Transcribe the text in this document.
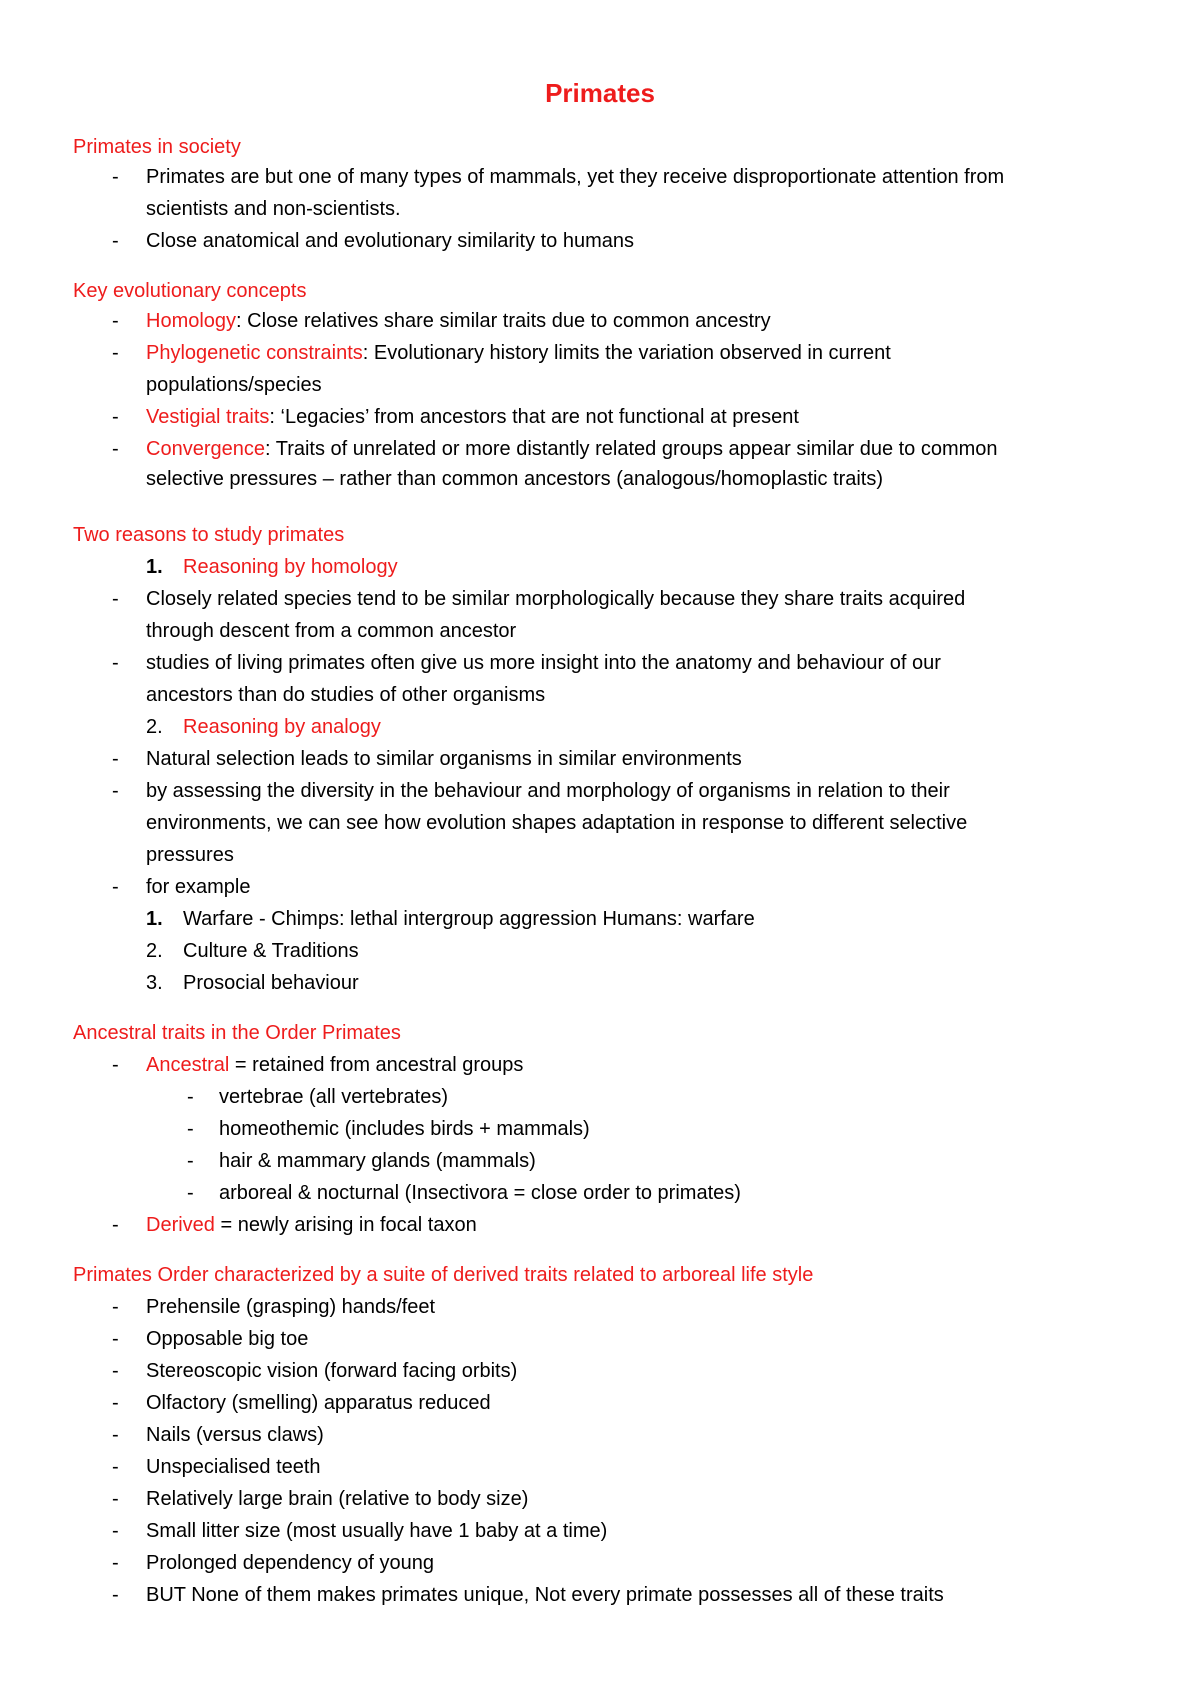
Primates
Primates in society
- Primates are but one of many types of mammals, yet they receive disproportionate attention from
scientists and non-scientists.
- Close anatomical and evolutionary similarity to humans
Key evolutionary concepts
- Homology: Close relatives share similar traits due to common ancestry
- Phylogenetic constraints: Evolutionary history limits the variation observed in current
populations/species
- Vestigial traits: ‘Legacies’ from ancestors that are not functional at present
- Convergence: Traits of unrelated or more distantly related groups appear similar due to common
selective pressures – rather than common ancestors (analogous/homoplastic traits)
Two reasons to study primates
1. Reasoning by homology
- Closely related species tend to be similar morphologically because they share traits acquired
through descent from a common ancestor
- studies of living primates often give us more insight into the anatomy and behaviour of our
ancestors than do studies of other organisms
2. Reasoning by analogy
- Natural selection leads to similar organisms in similar environments
- by assessing the diversity in the behaviour and morphology of organisms in relation to their
environments, we can see how evolution shapes adaptation in response to different selective
pressures
- for example
1. Warfare - Chimps: lethal intergroup aggression Humans: warfare
2. Culture & Traditions
3. Prosocial behaviour
Ancestral traits in the Order Primates
- Ancestral = retained from ancestral groups
- vertebrae (all vertebrates)
- homeothemic (includes birds + mammals)
- hair & mammary glands (mammals)
- arboreal & nocturnal (Insectivora = close order to primates)
- Derived = newly arising in focal taxon
Primates Order characterized by a suite of derived traits related to arboreal life style
- Prehensile (grasping) hands/feet
- Opposable big toe
- Stereoscopic vision (forward facing orbits)
- Olfactory (smelling) apparatus reduced
- Nails (versus claws)
- Unspecialised teeth
- Relatively large brain (relative to body size)
- Small litter size (most usually have 1 baby at a time)
- Prolonged dependency of young
- BUT None of them makes primates unique, Not every primate possesses all of these traits
